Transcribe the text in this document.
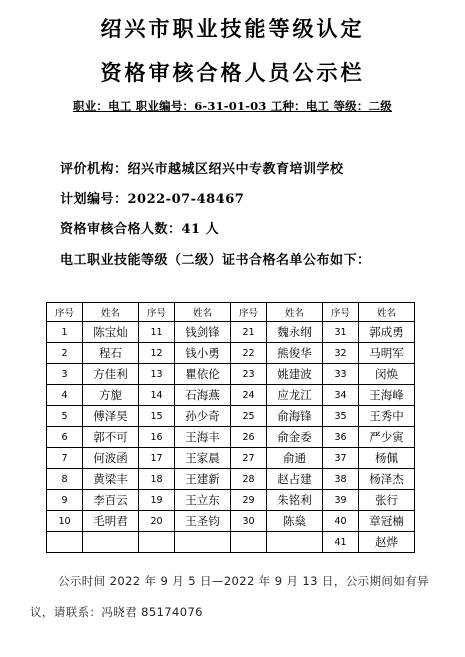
绍兴市职业技能等级认定
资格审核合格人员公示栏
职业：电工 职业编号：6-31-01-03 工种：电工 等级：二级
评价机构：绍兴市越城区绍兴中专教育培训学校
计划编号：2022-07-48467
资格审核合格人数：41 人
电工职业技能等级（二级）证书合格名单公布如下：
序号	姓名	序号	姓名	序号	姓名	序号	姓名
1	陈宝灿	11	钱剑锋	21	魏永纲	31	郭成勇
2	程石	12	钱小勇	22	熊俊华	32	马明军
3	方佳利	13	瞿依伦	23	姚建波	33	闵焕
4	方旎	14	石海燕	24	应龙江	34	王海峰
5	傅泽昊	15	孙少奇	25	俞海锋	35	王秀中
6	郭不可	16	王海丰	26	俞金委	36	严少寅
7	何波函	17	王家晨	27	俞通	37	杨佩
8	黄梁丰	18	王建新	28	赵占建	38	杨泽杰
9	李百云	19	王立东	29	朱铭利	39	张行
10	毛明君	20	王圣钧	30	陈燊	40	章冠楠
						41	赵烨
公示时间 2022 年 9 月 5 日—2022 年 9 月 13 日，公示期间如有异
议，请联系：冯晓君 85174076
